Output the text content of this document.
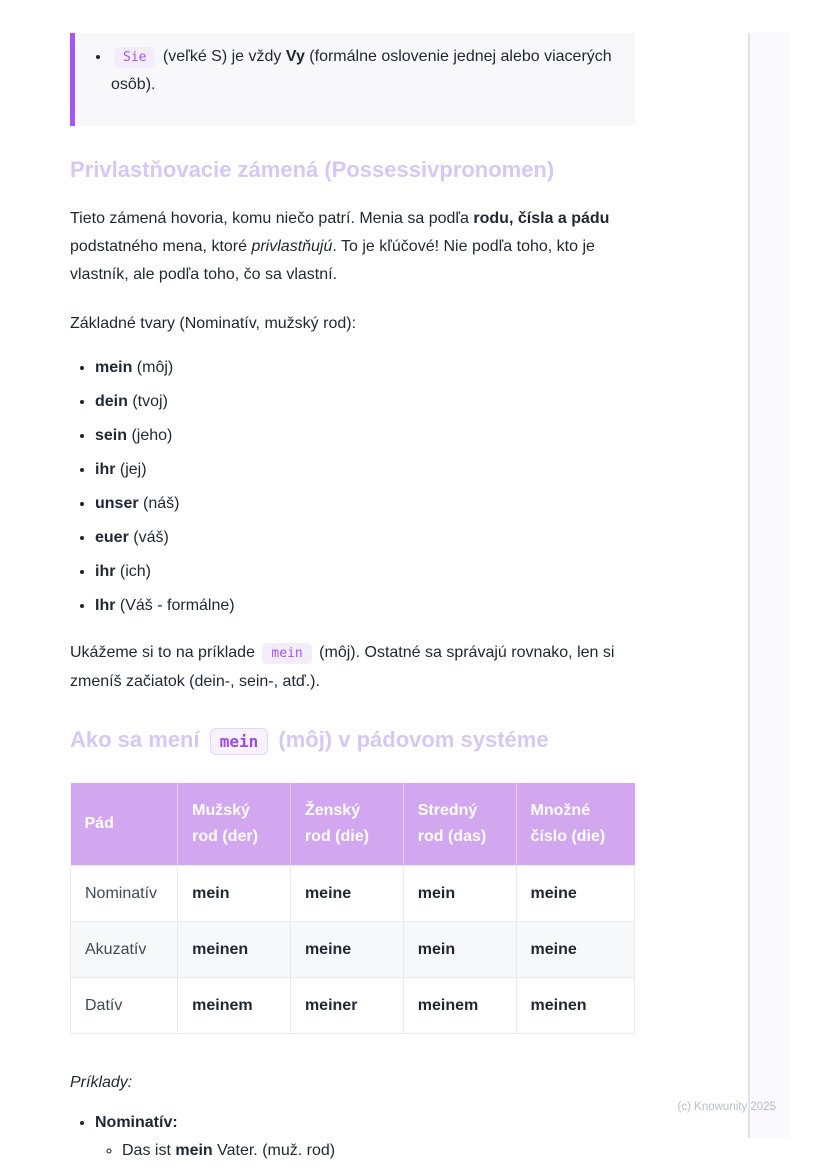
• Sie (veľké S) je vždy Vy (formálne oslovenie jednej alebo viacerých osôb).
Privlastňovacie zámená (Possessivpronomen)

Tieto zámená hovoria, komu niečo patrí. Menia sa podľa rodu, čísla a pádu podstatného mena, ktoré privlastňujú. To je kľúčové! Nie podľa toho, kto je vlastník, ale podľa toho, čo sa vlastní.

Základné tvary (Nominatív, mužský rod):

• mein (môj)
• dein (tvoj)
• sein (jeho)
• ihr (jej)
• unser (náš)
• euer (váš)
• ihr (ich)
• Ihr (Váš - formálne)

Ukážeme si to na príklade mein (môj). Ostatné sa správajú rovnako, len si zmeníš začiatok (dein-, sein-, atď.).

Ako sa mení mein (môj) v pádovom systéme
Pád	Mužský rod (der)	Ženský rod (die)	Stredný rod (das)	Množné číslo (die)
Nominatív	mein	meine	mein	meine
Akuzatív	meinen	meine	mein	meine
Datív	meinem	meiner	meinem	meinen

Príklady:

• Nominatív:
◦ Das ist mein Vater. (muž. rod)
(c) Knowunity 2025
